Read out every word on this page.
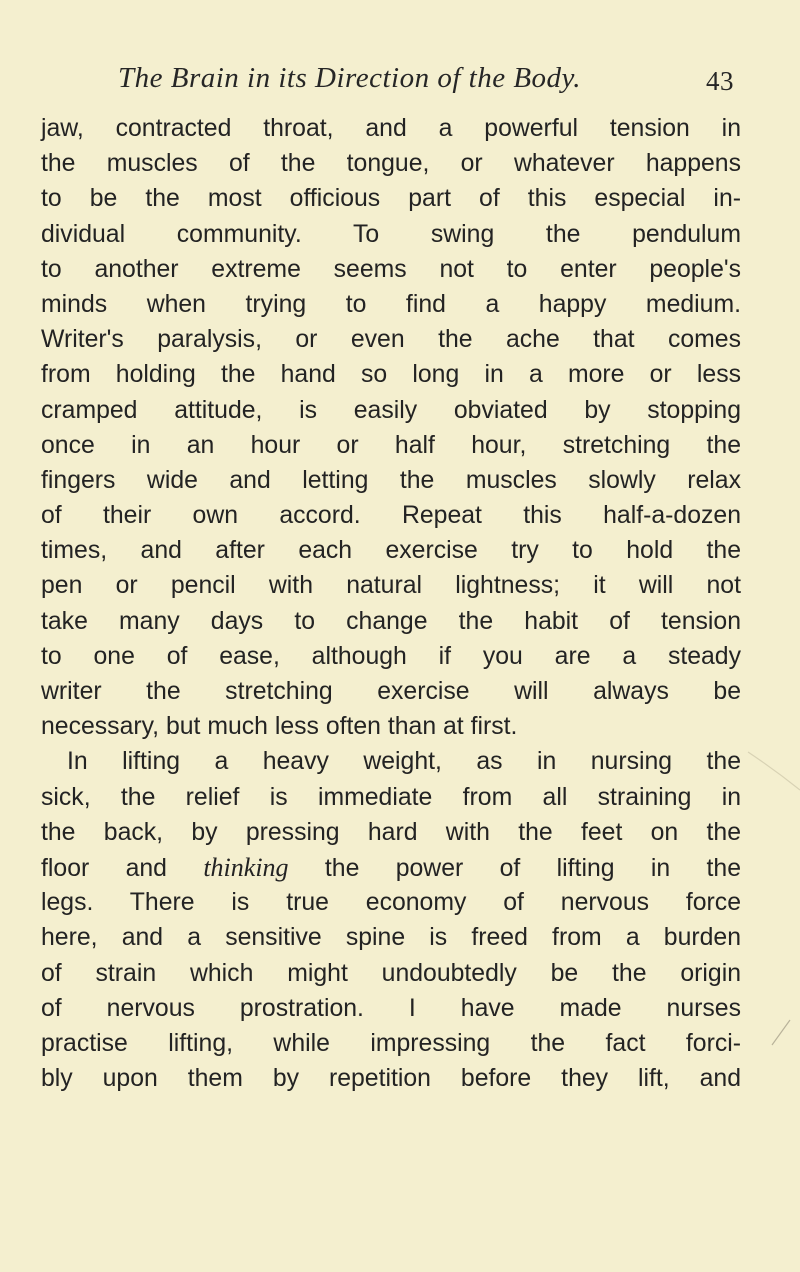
The Brain in its Direction of the Body.	43
jaw, contracted throat, and a powerful tension in
the muscles of the tongue, or whatever happens
to be the most officious part of this especial in-
dividual community. To swing the pendulum
to another extreme seems not to enter people's
minds when trying to find a happy medium.
Writer's paralysis, or even the ache that comes
from holding the hand so long in a more or less
cramped attitude, is easily obviated by stopping
once in an hour or half hour, stretching the
fingers wide and letting the muscles slowly relax
of their own accord. Repeat this half-a-dozen
times, and after each exercise try to hold the
pen or pencil with natural lightness; it will not
take many days to change the habit of tension
to one of ease, although if you are a steady
writer the stretching exercise will always be
necessary, but much less often than at first.
In lifting a heavy weight, as in nursing the
sick, the relief is immediate from all straining in
the back, by pressing hard with the feet on the
floor and thinking the power of lifting in the
legs. There is true economy of nervous force
here, and a sensitive spine is freed from a burden
of strain which might undoubtedly be the origin
of nervous prostration. I have made nurses
practise lifting, while impressing the fact forci-
bly upon them by repetition before they lift, and
